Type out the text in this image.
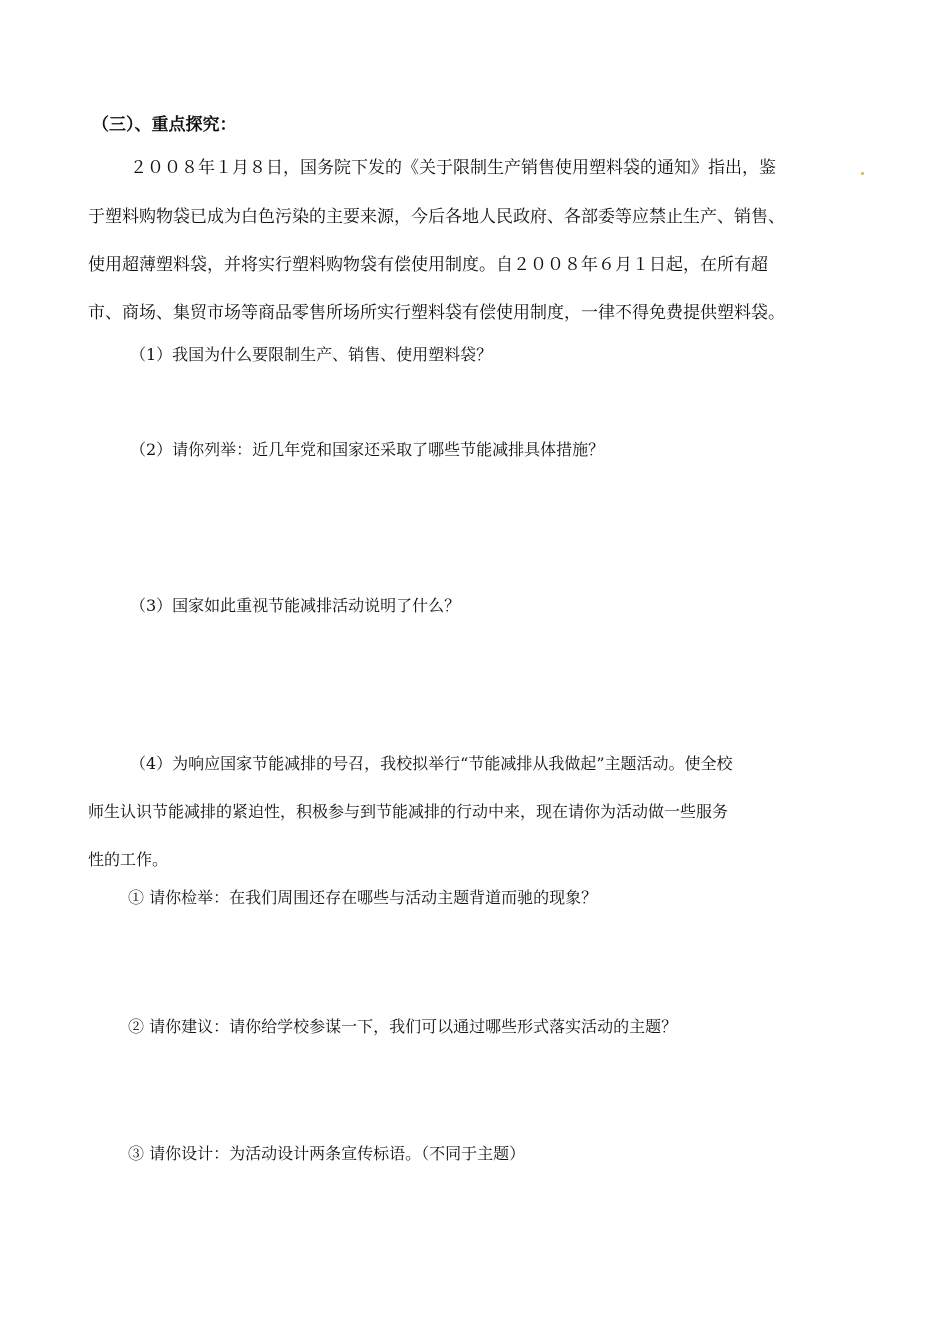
（三）、重点探究：
２００８年１月８日，国务院下发的《关于限制生产销售使用塑料袋的通知》指出，鉴
于塑料购物袋已成为白色污染的主要来源，今后各地人民政府、各部委等应禁止生产、销售、
使用超薄塑料袋，并将实行塑料购物袋有偿使用制度。自２００８年６月１日起，在所有超
市、商场、集贸市场等商品零售所场所实行塑料袋有偿使用制度，一律不得免费提供塑料袋。
（1）我国为什么要限制生产、销售、使用塑料袋？
（2）请你列举：近几年党和国家还采取了哪些节能减排具体措施？
（3）国家如此重视节能减排活动说明了什么？
（4）为响应国家节能减排的号召，我校拟举行“节能减排从我做起”主题活动。使全校
师生认识节能减排的紧迫性，积极参与到节能减排的行动中来，现在请你为活动做一些服务
性的工作。
① 请你检举：在我们周围还存在哪些与活动主题背道而驰的现象？
② 请你建议：请你给学校参谋一下，我们可以通过哪些形式落实活动的主题？
③ 请你设计：为活动设计两条宣传标语。（不同于主题）
